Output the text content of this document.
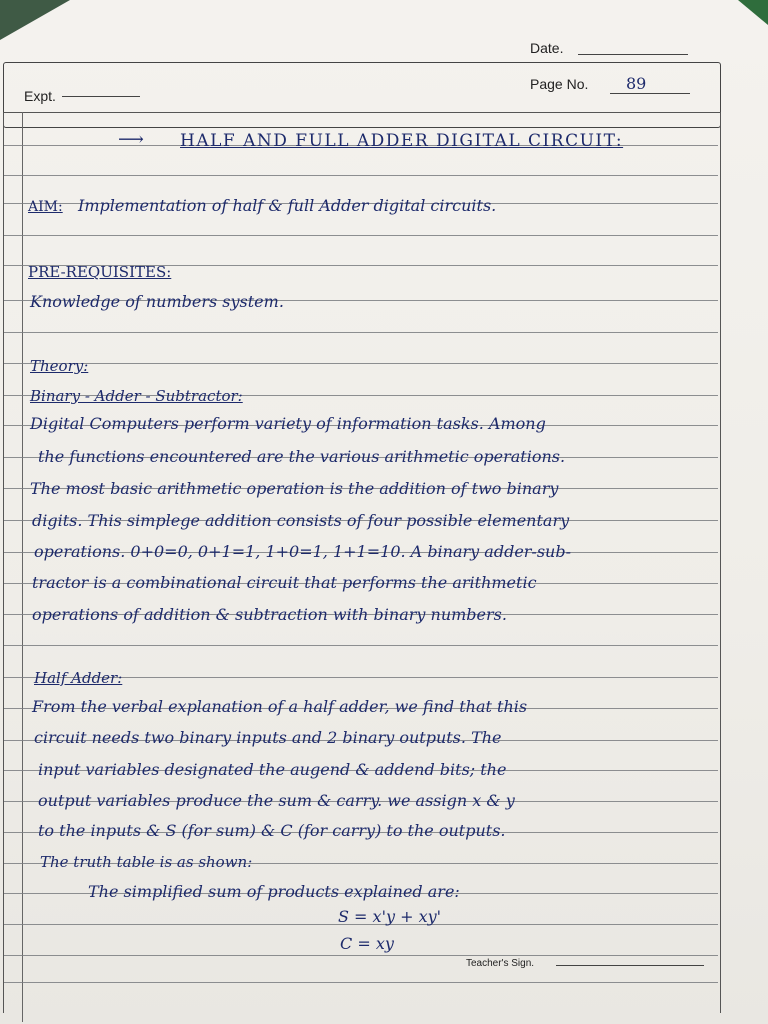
Date.
Page No. 89
Expt.
⟶ HALF AND FULL ADDER DIGITAL CIRCUIT:
AIM: Implementation of half & full Adder digital circuits.
PRE-REQUISITES:
Knowledge of numbers system.
Theory:
Binary - Adder - Subtractor:
Digital Computers perform variety of information tasks. Among
the functions encountered are the various arithmetic operations.
The most basic arithmetic operation is the addition of two binary
digits. This simplege addition consists of four possible elementary
operations. 0+0=0, 0+1=1, 1+0=1, 1+1=10. A binary adder-sub-
tractor is a combinational circuit that performs the arithmetic
operations of addition & subtraction with binary numbers.
Half Adder:
From the verbal explanation of a half adder, we find that this
circuit needs two binary inputs and 2 binary outputs. The
input variables designated the augend & addend bits; the
output variables produce the sum & carry. we assign x & y
to the inputs & S (for sum) & C (for carry) to the outputs.
The truth table is as shown:
The simplified sum of products explained are:
S = x'y + xy'
C = xy
Teacher's Sign.
